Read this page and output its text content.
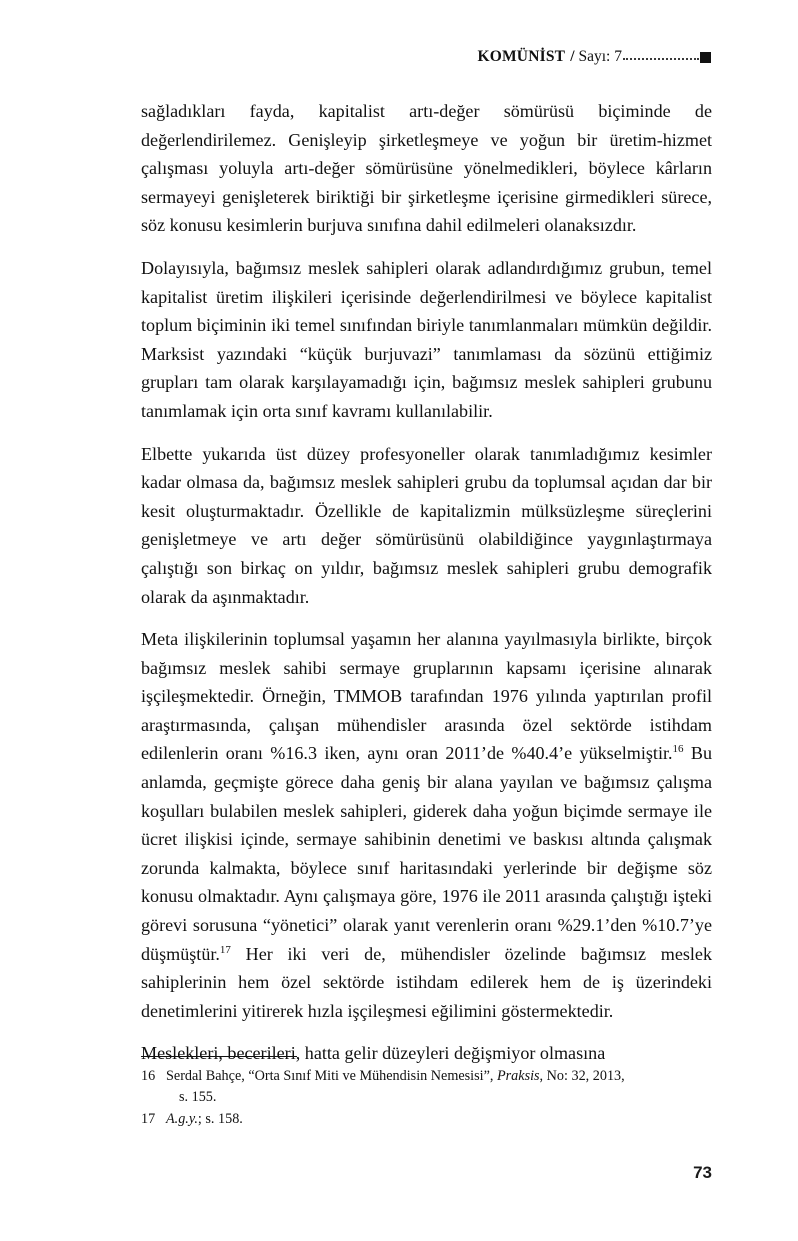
KOMÜNİST / Sayı: 7

sağladıkları fayda, kapitalist artı-değer sömürüsü biçiminde de değerlendirilemez. Genişleyip şirketleşmeye ve yoğun bir üretim-hizmet çalışması yoluyla artı-değer sömürüsüne yönelmedikleri, böylece kârların sermayeyi genişleterek biriktiği bir şirketleşme içerisine girmedikleri sürece, söz konusu kesimlerin burjuva sınıfına dahil edilmeleri olanaksızdır.

Dolayısıyla, bağımsız meslek sahipleri olarak adlandırdığımız grubun, temel kapitalist üretim ilişkileri içerisinde değerlendirilmesi ve böylece kapitalist toplum biçiminin iki temel sınıfından biriyle tanımlanmaları mümkün değildir. Marksist yazındaki “küçük burjuvazi” tanımlaması da sözünü ettiğimiz grupları tam olarak karşılayamadığı için, bağımsız meslek sahipleri grubunu tanımlamak için orta sınıf kavramı kullanılabilir.

Elbette yukarıda üst düzey profesyoneller olarak tanımladığımız kesimler kadar olmasa da, bağımsız meslek sahipleri grubu da toplumsal açıdan dar bir kesit oluşturmaktadır. Özellikle de kapitalizmin mülksüzleşme süreçlerini genişletmeye ve artı değer sömürüsünü olabildiğince yaygınlaştırmaya çalıştığı son birkaç on yıldır, bağımsız meslek sahipleri grubu demografik olarak da aşınmaktadır.

Meta ilişkilerinin toplumsal yaşamın her alanına yayılmasıyla birlikte, birçok bağımsız meslek sahibi sermaye gruplarının kapsamı içerisine alınarak işçileşmektedir. Örneğin, TMMOB tarafından 1976 yılında yaptırılan profil araştırmasında, çalışan mühendisler arasında özel sektörde istihdam edilenlerin oranı %16.3 iken, aynı oran 2011’de %40.4’e yükselmiştir.$^{16}$ Bu anlamda, geçmişte görece daha geniş bir alana yayılan ve bağımsız çalışma koşulları bulabilen meslek sahipleri, giderek daha yoğun biçimde sermaye ile ücret ilişkisi içinde, sermaye sahibinin denetimi ve baskısı altında çalışmak zorunda kalmakta, böylece sınıf haritasındaki yerlerinde bir değişme söz konusu olmaktadır. Aynı çalışmaya göre, 1976 ile 2011 arasında çalıştığı işteki görevi sorusuna “yönetici” olarak yanıt verenlerin oranı %29.1’den %10.7’ye düşmüştür.$^{17}$ Her iki veri de, mühendisler özelinde bağımsız meslek sahiplerinin hem özel sektörde istihdam edilerek hem de iş üzerindeki denetimlerini yitirerek hızla işçileşmesi eğilimini göstermektedir.

Meslekleri, becerileri, hatta gelir düzeyleri değişmiyor olmasına

16 Serdal Bahçe, “Orta Sınıf Miti ve Mühendisin Nemesisi”, Praksis, No: 32, 2013,
s. 155.
17 A.g.y.; s. 158.
73
